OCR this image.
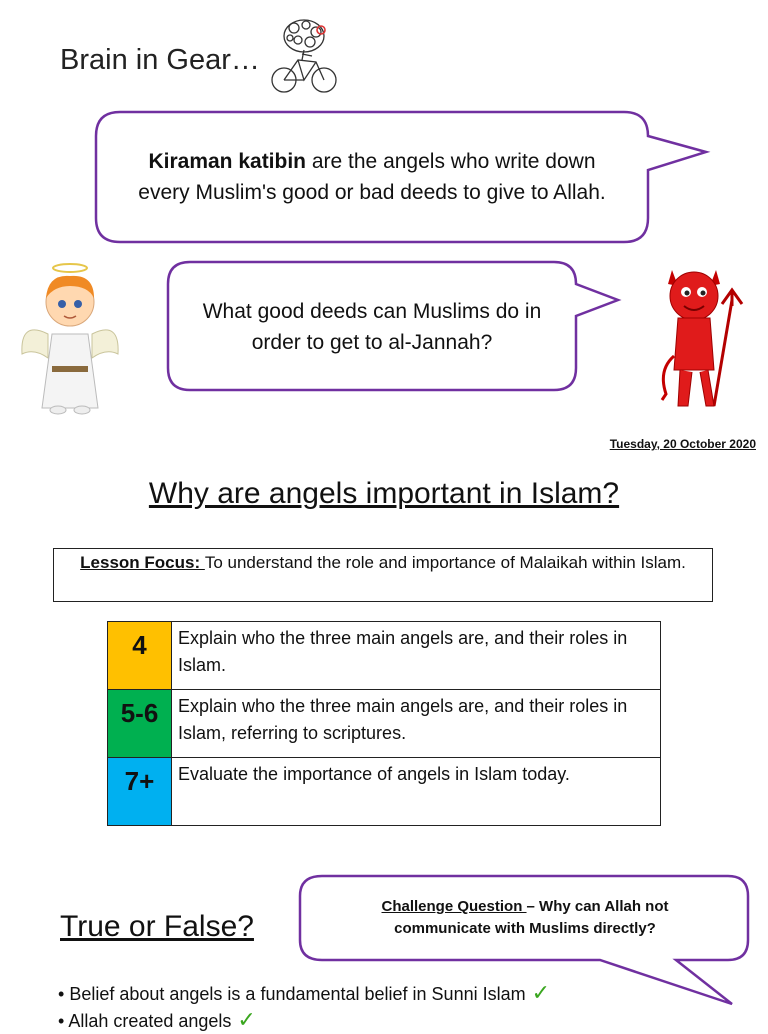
Brain in Gear…
Kiraman katibin are the angels who write down
every Muslim's good or bad deeds to give to Allah.
What good deeds can Muslims do in
order to get to al-Jannah?
Tuesday, 20 October 2020
Why are angels important in Islam?
Lesson Focus: To understand the role and importance of Malaikah within Islam.
4	Explain who the three main angels are, and their roles in Islam.
5-6	Explain who the three main angels are, and their roles in Islam, referring to scriptures.
7+	Evaluate the importance of angels in Islam today.
Challenge Question – Why can Allah not
communicate with Muslims directly?
True or False?
• Belief about angels is a fundamental belief in Sunni Islam ✓
• Allah created angels ✓
